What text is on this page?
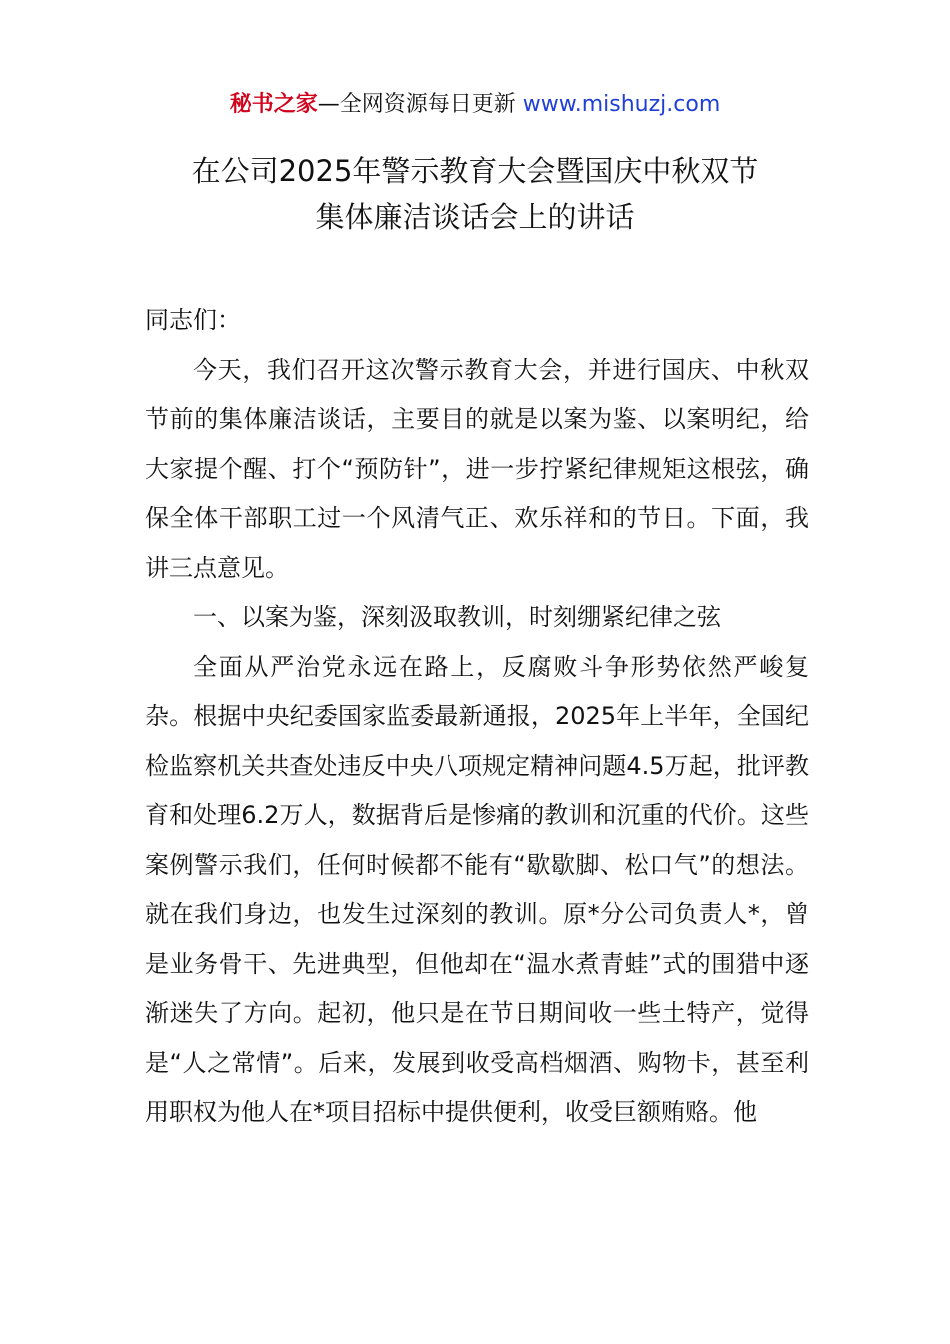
秘书之家—全网资源每日更新 www.mishuzj.com
在公司2025年警示教育大会暨国庆中秋双节
集体廉洁谈话会上的讲话

同志们：

今天，我们召开这次警示教育大会，并进行国庆、中秋双节前的集体廉洁谈话，主要目的就是以案为鉴、以案明纪，给大家提个醒、打个“预防针”，进一步拧紧纪律规矩这根弦，确保全体干部职工过一个风清气正、欢乐祥和的节日。下面，我讲三点意见。

一、以案为鉴，深刻汲取教训，时刻绷紧纪律之弦

全面从严治党永远在路上，反腐败斗争形势依然严峻复杂。根据中央纪委国家监委最新通报，2025年上半年，全国纪检监察机关共查处违反中央八项规定精神问题4.5万起，批评教育和处理6.2万人，数据背后是惨痛的教训和沉重的代价。这些案例警示我们，任何时候都不能有“歇歇脚、松口气”的想法。就在我们身边，也发生过深刻的教训。原*分公司负责人*，曾是业务骨干、先进典型，但他却在“温水煮青蛙”式的围猎中逐渐迷失了方向。起初，他只是在节日期间收一些土特产，觉得是“人之常情”。后来，发展到收受高档烟酒、购物卡，甚至利用职权为他人在*项目招标中提供便利，收受巨额贿赂。他
